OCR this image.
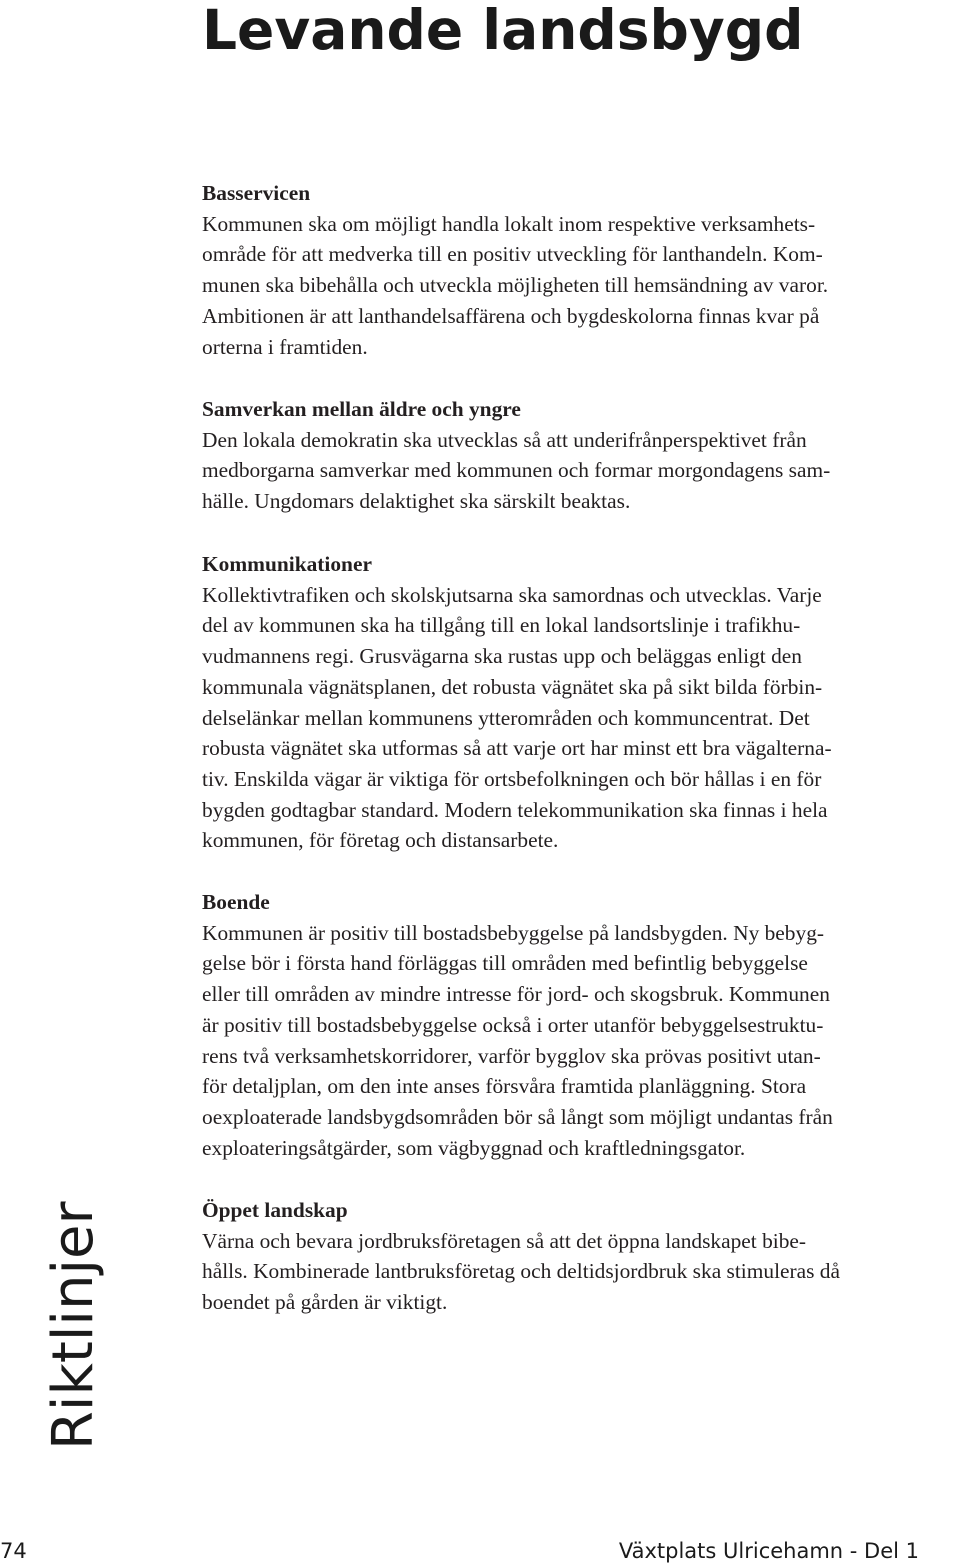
Levande landsbygd
Basservicen

Kommunen ska om möjligt handla lokalt inom respektive verksamhets-
område för att medverka till en positiv utveckling för lanthandeln. Kom-
munen ska bibehålla och utveckla möjligheten till hemsändning av varor.
Ambitionen är att lanthandelsaffärena och bygdeskolorna finnas kvar på
orterna i framtiden.

Samverkan mellan äldre och yngre

Den lokala demokratin ska utvecklas så att underifrånperspektivet från
medborgarna samverkar med kommunen och formar morgondagens sam-
hälle. Ungdomars delaktighet ska särskilt beaktas.

Kommunikationer

Kollektivtrafiken och skolskjutsarna ska samordnas och utvecklas. Varje
del av kommunen ska ha tillgång till en lokal landsortslinje i trafikhu-
vudmannens regi. Grusvägarna ska rustas upp och beläggas enligt den
kommunala vägnätsplanen, det robusta vägnätet ska på sikt bilda förbin-
delselänkar mellan kommunens ytterområden och kommuncentrat. Det
robusta vägnätet ska utformas så att varje ort har minst ett bra vägalterna-
tiv. Enskilda vägar är viktiga för ortsbefolkningen och bör hållas i en för
bygden godtagbar standard. Modern telekommunikation ska finnas i hela
kommunen, för företag och distansarbete.

Boende

Kommunen är positiv till bostadsbebyggelse på landsbygden. Ny bebyg-
gelse bör i första hand förläggas till områden med befintlig bebyggelse
eller till områden av mindre intresse för jord- och skogsbruk. Kommunen
är positiv till bostadsbebyggelse också i orter utanför bebyggelsestruktu-
rens två verksamhetskorridorer, varför bygglov ska prövas positivt utan-
för detaljplan, om den inte anses försvåra framtida planläggning. Stora
oexploaterade landsbygdsområden bör så långt som möjligt undantas från
exploateringsåtgärder, som vägbyggnad och kraftledningsgator.

Öppet landskap

Värna och bevara jordbruksföretagen så att det öppna landskapet bibe-
hålls. Kombinerade lantbruksföretag och deltidsjordbruk ska stimuleras då
boendet på gården är viktigt.

Riktlinjer
74	Växtplats Ulricehamn - Del 1
